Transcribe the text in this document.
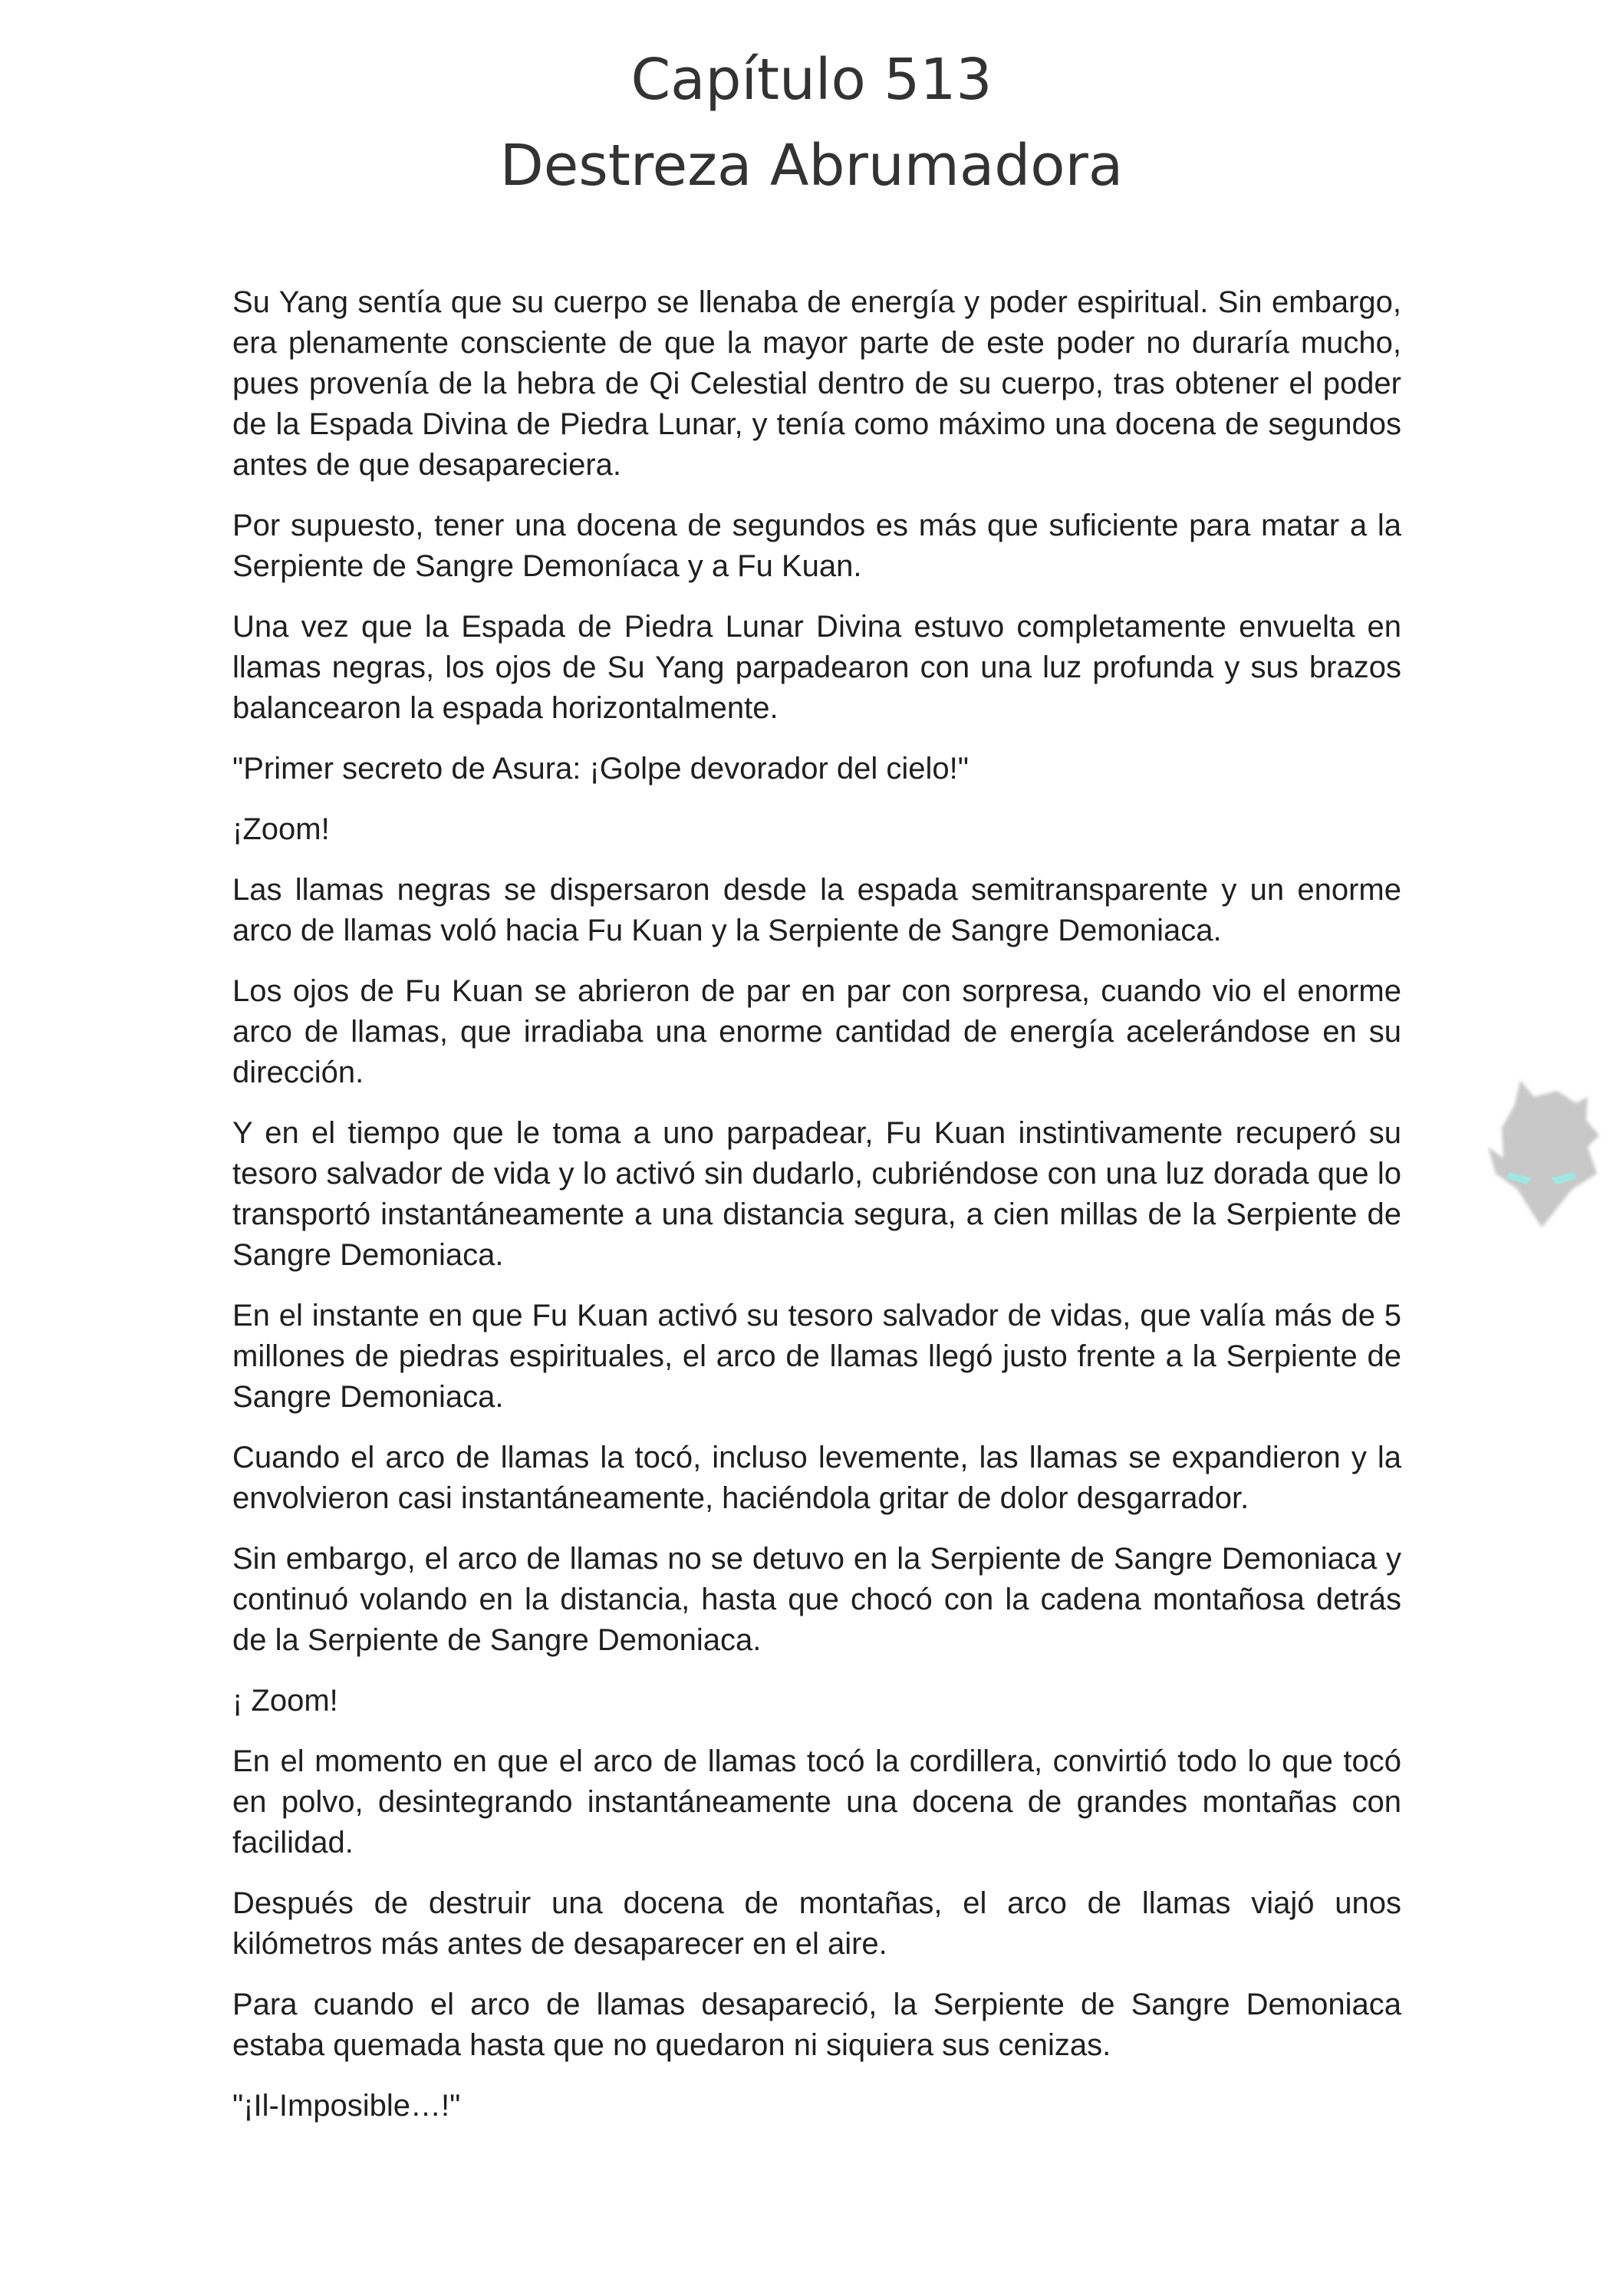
Capítulo 513
Destreza Abrumadora

Su Yang sentía que su cuerpo se llenaba de energía y poder espiritual. Sin embargo, era plenamente consciente de que la mayor parte de este poder no duraría mucho, pues provenía de la hebra de Qi Celestial dentro de su cuerpo, tras obtener el poder de la Espada Divina de Piedra Lunar, y tenía como máximo una docena de segundos antes de que desapareciera.

Por supuesto, tener una docena de segundos es más que suficiente para matar a la Serpiente de Sangre Demoníaca y a Fu Kuan.

Una vez que la Espada de Piedra Lunar Divina estuvo completamente envuelta en llamas negras, los ojos de Su Yang parpadearon con una luz profunda y sus brazos balancearon la espada horizontalmente.

"Primer secreto de Asura: ¡Golpe devorador del cielo!"

¡Zoom!

Las llamas negras se dispersaron desde la espada semitransparente y un enorme arco de llamas voló hacia Fu Kuan y la Serpiente de Sangre Demoniaca.

Los ojos de Fu Kuan se abrieron de par en par con sorpresa, cuando vio el enorme arco de llamas, que irradiaba una enorme cantidad de energía acelerándose en su dirección.

Y en el tiempo que le toma a uno parpadear, Fu Kuan instintivamente recuperó su tesoro salvador de vida y lo activó sin dudarlo, cubriéndose con una luz dorada que lo transportó instantáneamente a una distancia segura, a cien millas de la Serpiente de Sangre Demoniaca.

En el instante en que Fu Kuan activó su tesoro salvador de vidas, que valía más de 5 millones de piedras espirituales, el arco de llamas llegó justo frente a la Serpiente de Sangre Demoniaca.

Cuando el arco de llamas la tocó, incluso levemente, las llamas se expandieron y la envolvieron casi instantáneamente, haciéndola gritar de dolor desgarrador.

Sin embargo, el arco de llamas no se detuvo en la Serpiente de Sangre Demoniaca y continuó volando en la distancia, hasta que chocó con la cadena montañosa detrás de la Serpiente de Sangre Demoniaca.

¡ Zoom!

En el momento en que el arco de llamas tocó la cordillera, convirtió todo lo que tocó en polvo, desintegrando instantáneamente una docena de grandes montañas con facilidad.

Después de destruir una docena de montañas, el arco de llamas viajó unos kilómetros más antes de desaparecer en el aire.

Para cuando el arco de llamas desapareció, la Serpiente de Sangre Demoniaca estaba quemada hasta que no quedaron ni siquiera sus cenizas.

"¡Il-Imposible…!"
